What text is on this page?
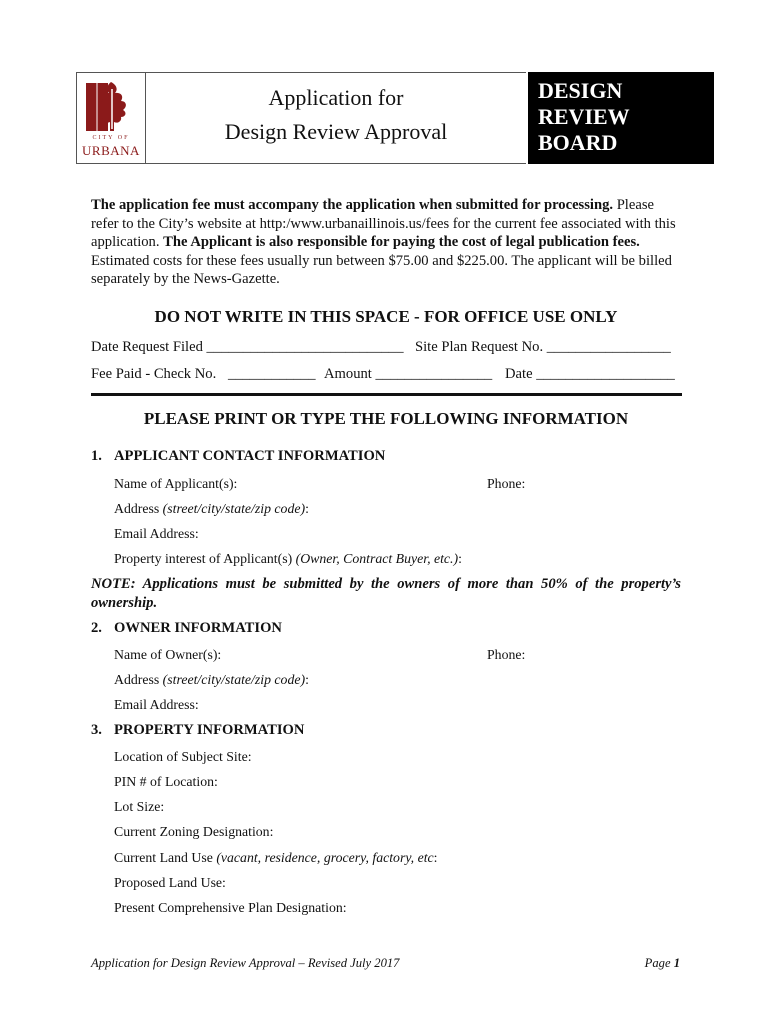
CITY OF
URBANA
Application for
Design Review Approval
DESIGN
REVIEW
BOARD
The application fee must accompany the application when submitted for processing. Please refer to the City’s website at http:/www.urbanaillinois.us/fees for the current fee associated with this application. The Applicant is also responsible for paying the cost of legal publication fees. Estimated costs for these fees usually run between $75.00 and $225.00. The applicant will be billed separately by the News-Gazette.
DO NOT WRITE IN THIS SPACE - FOR OFFICE USE ONLY
Date Request Filed ___________________________ Site Plan Request No. _________________
Fee Paid - Check No. ____________ Amount ________________ Date ___________________
PLEASE PRINT OR TYPE THE FOLLOWING INFORMATION
1. APPLICANT CONTACT INFORMATION
Name of Applicant(s):	Phone:
Address (street/city/state/zip code):
Email Address:
Property interest of Applicant(s) (Owner, Contract Buyer, etc.):
NOTE: Applications must be submitted by the owners of more than 50% of the property’s ownership.
2. OWNER INFORMATION
Name of Owner(s):	Phone:
Address (street/city/state/zip code):
Email Address:
3. PROPERTY INFORMATION
Location of Subject Site:
PIN # of Location:
Lot Size:
Current Zoning Designation:
Current Land Use (vacant, residence, grocery, factory, etc:
Proposed Land Use:
Present Comprehensive Plan Designation:
Application for Design Review Approval – Revised July 2017	Page 1
